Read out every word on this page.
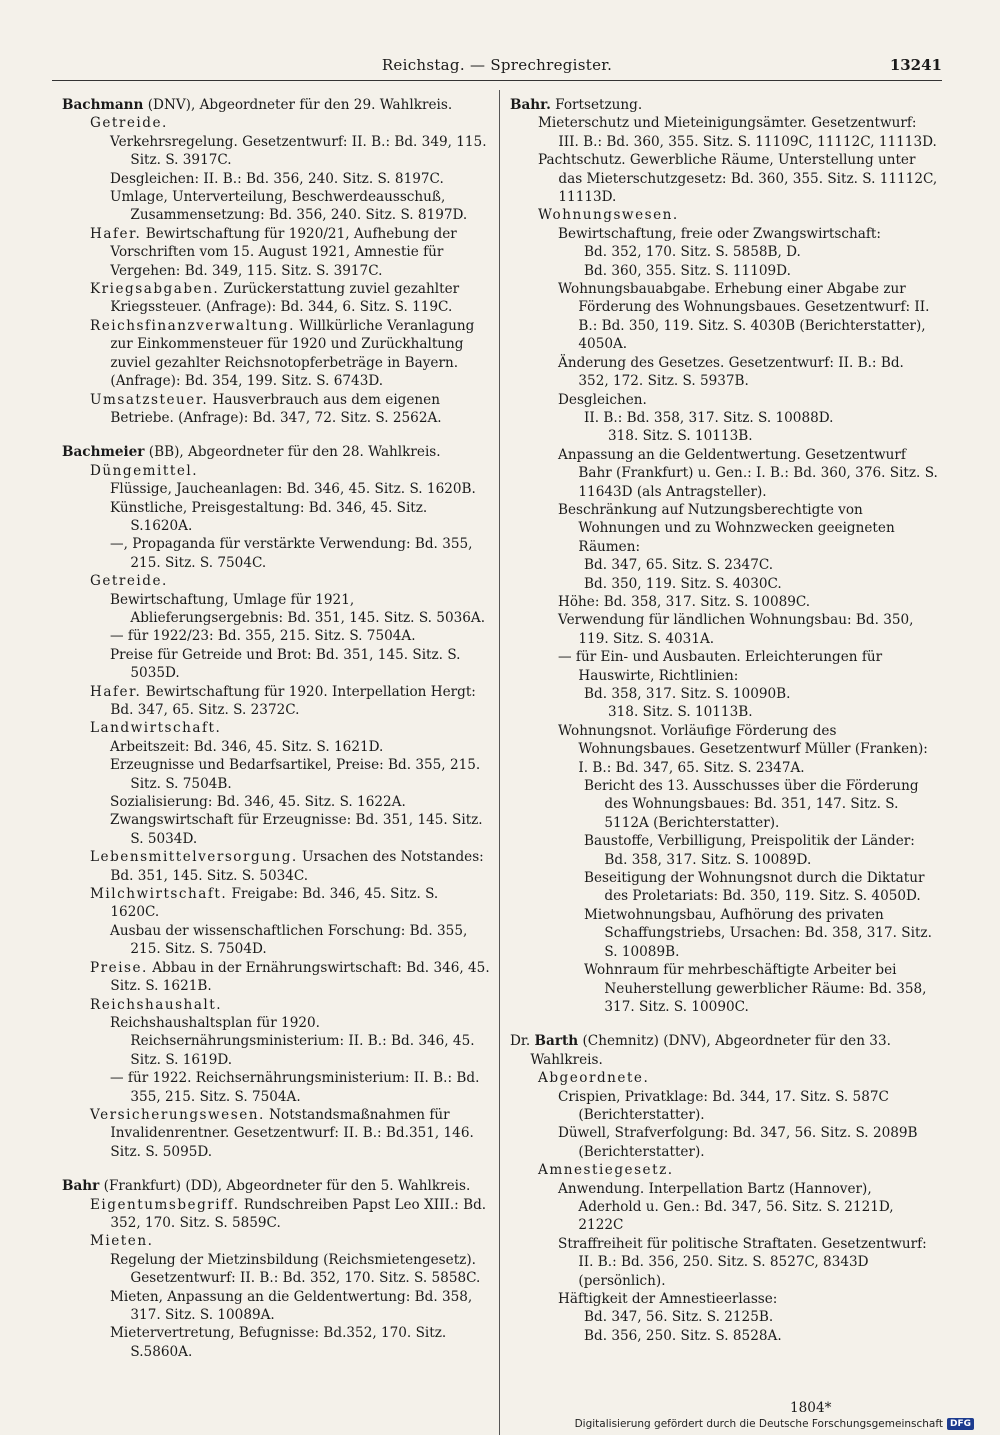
Reichstag. — Sprechregister.	13241
Bachmann (DNV), Abgeordneter für den 29. Wahlkreis.
Getreide.
Verkehrsregelung. Gesetzentwurf: II. B.: Bd. 349, 115. Sitz. S. 3917C.
Desgleichen: II. B.: Bd. 356, 240. Sitz. S. 8197C.
Umlage, Unterverteilung, Beschwerdeausschuß, Zusammensetzung: Bd. 356, 240. Sitz. S. 8197D.
Hafer. Bewirtschaftung für 1920/21, Aufhebung der Vorschriften vom 15. August 1921, Amnestie für Vergehen: Bd. 349, 115. Sitz. S. 3917C.
Kriegsabgaben. Zurückerstattung zuviel gezahlter Kriegssteuer. (Anfrage): Bd. 344, 6. Sitz. S. 119C.
Reichsfinanzverwaltung. Willkürliche Veranlagung zur Einkommensteuer für 1920 und Zurückhaltung zuviel gezahlter Reichsnotopferbeträge in Bayern. (Anfrage): Bd. 354, 199. Sitz. S. 6743D.
Umsatzsteuer. Hausverbrauch aus dem eigenen Betriebe. (Anfrage): Bd. 347, 72. Sitz. S. 2562A.
Bachmeier (BB), Abgeordneter für den 28. Wahlkreis.
Düngemittel.
Flüssige, Jaucheanlagen: Bd. 346, 45. Sitz. S. 1620B.
Künstliche, Preisgestaltung: Bd. 346, 45. Sitz. S.1620A.
—, Propaganda für verstärkte Verwendung: Bd. 355, 215. Sitz. S. 7504C.
Getreide.
Bewirtschaftung, Umlage für 1921, Ablieferungsergebnis: Bd. 351, 145. Sitz. S. 5036A.
— für 1922/23: Bd. 355, 215. Sitz. S. 7504A.
Preise für Getreide und Brot: Bd. 351, 145. Sitz. S. 5035D.
Hafer. Bewirtschaftung für 1920. Interpellation Hergt: Bd. 347, 65. Sitz. S. 2372C.
Landwirtschaft.
Arbeitszeit: Bd. 346, 45. Sitz. S. 1621D.
Erzeugnisse und Bedarfsartikel, Preise: Bd. 355, 215. Sitz. S. 7504B.
Sozialisierung: Bd. 346, 45. Sitz. S. 1622A.
Zwangswirtschaft für Erzeugnisse: Bd. 351, 145. Sitz. S. 5034D.
Lebensmittelversorgung. Ursachen des Notstandes: Bd. 351, 145. Sitz. S. 5034C.
Milchwirtschaft. Freigabe: Bd. 346, 45. Sitz. S. 1620C.
Ausbau der wissenschaftlichen Forschung: Bd. 355, 215. Sitz. S. 7504D.
Preise. Abbau in der Ernährungswirtschaft: Bd. 346, 45. Sitz. S. 1621B.
Reichshaushalt.
Reichshaushaltsplan für 1920. Reichsernährungsministerium: II. B.: Bd. 346, 45. Sitz. S. 1619D.
— für 1922. Reichsernährungsministerium: II. B.: Bd. 355, 215. Sitz. S. 7504A.
Versicherungswesen. Notstandsmaßnahmen für Invalidenrentner. Gesetzentwurf: II. B.: Bd.351, 146. Sitz. S. 5095D.
Bahr (Frankfurt) (DD), Abgeordneter für den 5. Wahlkreis.
Eigentumsbegriff. Rundschreiben Papst Leo XIII.: Bd. 352, 170. Sitz. S. 5859C.
Mieten.
Regelung der Mietzinsbildung (Reichsmietengesetz). Gesetzentwurf: II. B.: Bd. 352, 170. Sitz. S. 5858C.
Mieten, Anpassung an die Geldentwertung: Bd. 358, 317. Sitz. S. 10089A.
Mietervertretung, Befugnisse: Bd.352, 170. Sitz. S.5860A.
Bahr. Fortsetzung.
Mieterschutz und Mieteinigungsämter. Gesetzentwurf: III. B.: Bd. 360, 355. Sitz. S. 11109C, 11112C, 11113D.
Pachtschutz. Gewerbliche Räume, Unterstellung unter das Mieterschutzgesetz: Bd. 360, 355. Sitz. S. 11112C, 11113D.
Wohnungswesen.
Bewirtschaftung, freie oder Zwangswirtschaft:
Bd. 352, 170. Sitz. S. 5858B, D.
Bd. 360, 355. Sitz. S. 11109D.
Wohnungsbauabgabe. Erhebung einer Abgabe zur Förderung des Wohnungsbaues. Gesetzentwurf: II. B.: Bd. 350, 119. Sitz. S. 4030B (Berichterstatter), 4050A.
Änderung des Gesetzes. Gesetzentwurf: II. B.: Bd. 352, 172. Sitz. S. 5937B.
Desgleichen.
II. B.: Bd. 358, 317. Sitz. S. 10088D.
318. Sitz. S. 10113B.
Anpassung an die Geldentwertung. Gesetzentwurf Bahr (Frankfurt) u. Gen.: I. B.: Bd. 360, 376. Sitz. S. 11643D (als Antragsteller).
Beschränkung auf Nutzungsberechtigte von Wohnungen und zu Wohnzwecken geeigneten Räumen:
Bd. 347, 65. Sitz. S. 2347C.
Bd. 350, 119. Sitz. S. 4030C.
Höhe: Bd. 358, 317. Sitz. S. 10089C.
Verwendung für ländlichen Wohnungsbau: Bd. 350, 119. Sitz. S. 4031A.
— für Ein- und Ausbauten. Erleichterungen für Hauswirte, Richtlinien:
Bd. 358, 317. Sitz. S. 10090B.
318. Sitz. S. 10113B.
Wohnungsnot. Vorläufige Förderung des Wohnungsbaues. Gesetzentwurf Müller (Franken): I. B.: Bd. 347, 65. Sitz. S. 2347A.
Bericht des 13. Ausschusses über die Förderung des Wohnungsbaues: Bd. 351, 147. Sitz. S. 5112A (Berichterstatter).
Baustoffe, Verbilligung, Preispolitik der Länder: Bd. 358, 317. Sitz. S. 10089D.
Beseitigung der Wohnungsnot durch die Diktatur des Proletariats: Bd. 350, 119. Sitz. S. 4050D.
Mietwohnungsbau, Aufhörung des privaten Schaffungstriebs, Ursachen: Bd. 358, 317. Sitz. S. 10089B.
Wohnraum für mehrbeschäftigte Arbeiter bei Neuherstellung gewerblicher Räume: Bd. 358, 317. Sitz. S. 10090C.
Dr. Barth (Chemnitz) (DNV), Abgeordneter für den 33. Wahlkreis.
Abgeordnete.
Crispien, Privatklage: Bd. 344, 17. Sitz. S. 587C (Berichterstatter).
Düwell, Strafverfolgung: Bd. 347, 56. Sitz. S. 2089B (Berichterstatter).
Amnestiegesetz.
Anwendung. Interpellation Bartz (Hannover), Aderhold u. Gen.: Bd. 347, 56. Sitz. S. 2121D, 2122C
Straffreiheit für politische Straftaten. Gesetzentwurf: II. B.: Bd. 356, 250. Sitz. S. 8527C, 8343D (persönlich).
Häftigkeit der Amnestieerlasse:
Bd. 347, 56. Sitz. S. 2125B.
Bd. 356, 250. Sitz. S. 8528A.
1804*
Digitalisierung gefördert durch die Deutsche Forschungsgemeinschaft DFG
